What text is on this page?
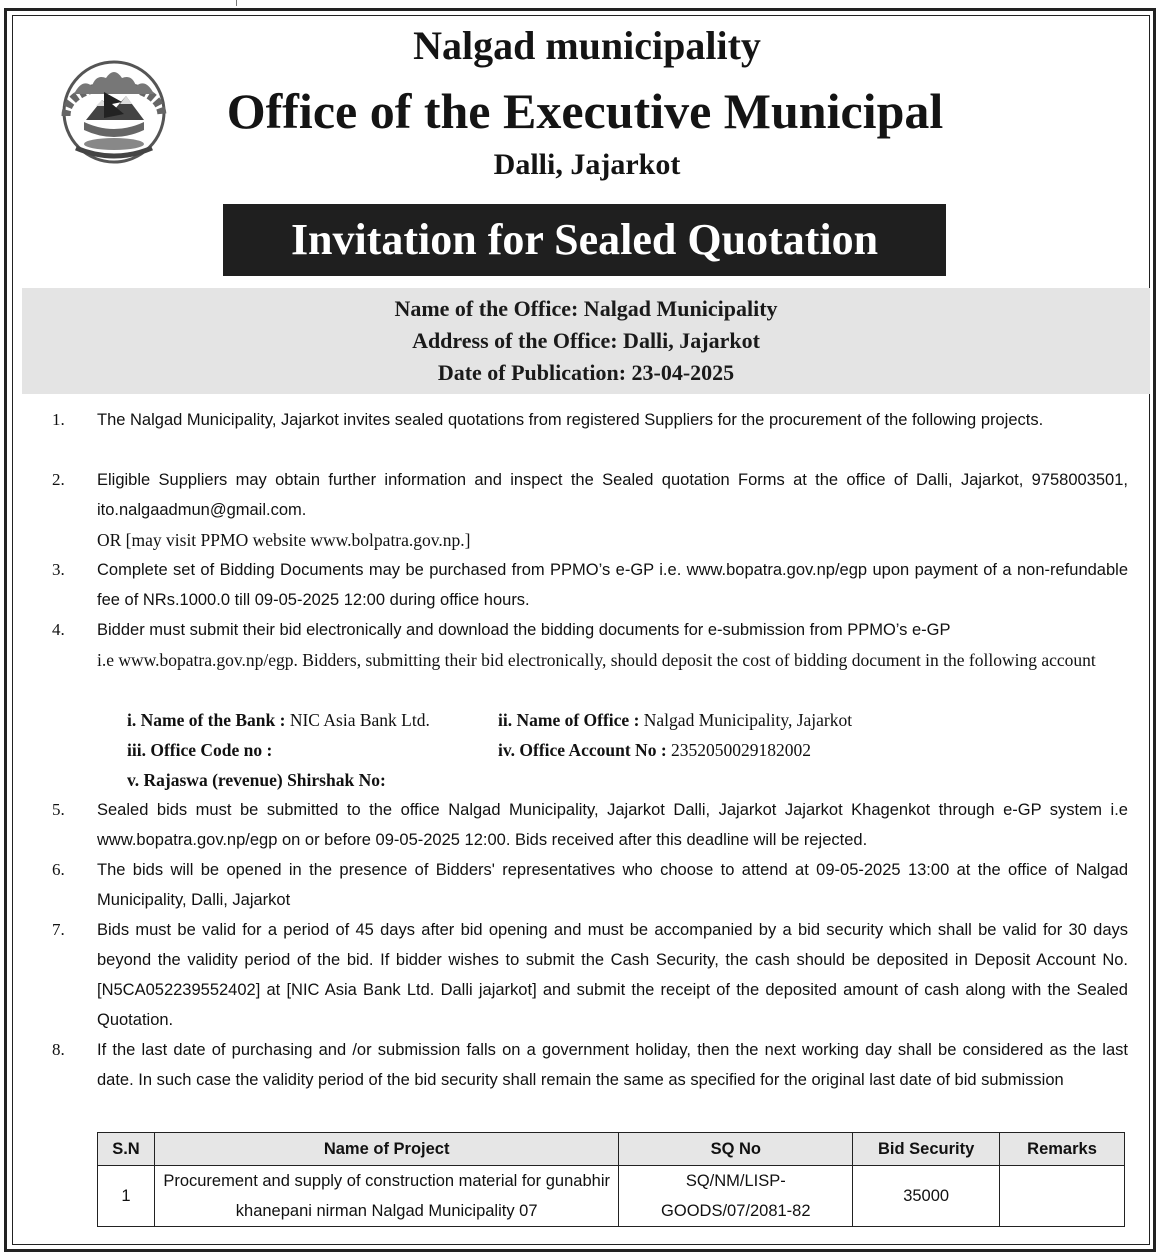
Nalgad municipality
Office of the Executive Municipal
Dalli, Jajarkot
Invitation for Sealed Quotation
Name of the Office: Nalgad Municipality
Address of the Office: Dalli, Jajarkot
Date of Publication: 23-04-2025
1.	The Nalgad Municipality, Jajarkot invites sealed quotations from registered Suppliers for the procurement of the following projects.
2.	Eligible Suppliers may obtain further information and inspect the Sealed quotation Forms at the office of Dalli, Jajarkot, 9758003501, ito.nalgaadmun@gmail.com.
OR [may visit PPMO website www.bolpatra.gov.np.]
3.	Complete set of Bidding Documents may be purchased from PPMO’s e-GP i.e. www.bopatra.gov.np/egp upon payment of a non-refundable fee of NRs.1000.0 till 09-05-2025 12:00 during office hours.
4.	Bidder must submit their bid electronically and download the bidding documents for e-submission from PPMO’s e-GP
i.e www.bopatra.gov.np/egp. Bidders, submitting their bid electronically, should deposit the cost of bidding document in the following account
i. Name of the Bank : NIC Asia Bank Ltd.	ii. Name of Office : Nalgad Municipality, Jajarkot
iii. Office Code no :	iv. Office Account No : 2352050029182002
v. Rajaswa (revenue) Shirshak No:
5.	Sealed bids must be submitted to the office Nalgad Municipality, Jajarkot Dalli, Jajarkot Jajarkot Khagenkot through e-GP system i.e www.bopatra.gov.np/egp on or before 09-05-2025 12:00. Bids received after this deadline will be rejected.
6.	The bids will be opened in the presence of Bidders' representatives who choose to attend at 09-05-2025 13:00 at the office of Nalgad Municipality, Dalli, Jajarkot
7.	Bids must be valid for a period of 45 days after bid opening and must be accompanied by a bid security which shall be valid for 30 days beyond the validity period of the bid. If bidder wishes to submit the Cash Security, the cash should be deposited in Deposit Account No.[N5CA052239552402] at [NIC Asia Bank Ltd. Dalli jajarkot] and submit the receipt of the deposited amount of cash along with the Sealed Quotation.
8.	If the last date of purchasing and /or submission falls on a government holiday, then the next working day shall be considered as the last date. In such case the validity period of the bid security shall remain the same as specified for the original last date of bid submission
S.N	Name of Project	SQ No	Bid Security	Remarks
1	Procurement and supply of construction material for gunabhir khanepani nirman Nalgad Municipality 07	SQ/NM/LISP-GOODS/07/2081-82	35000	
